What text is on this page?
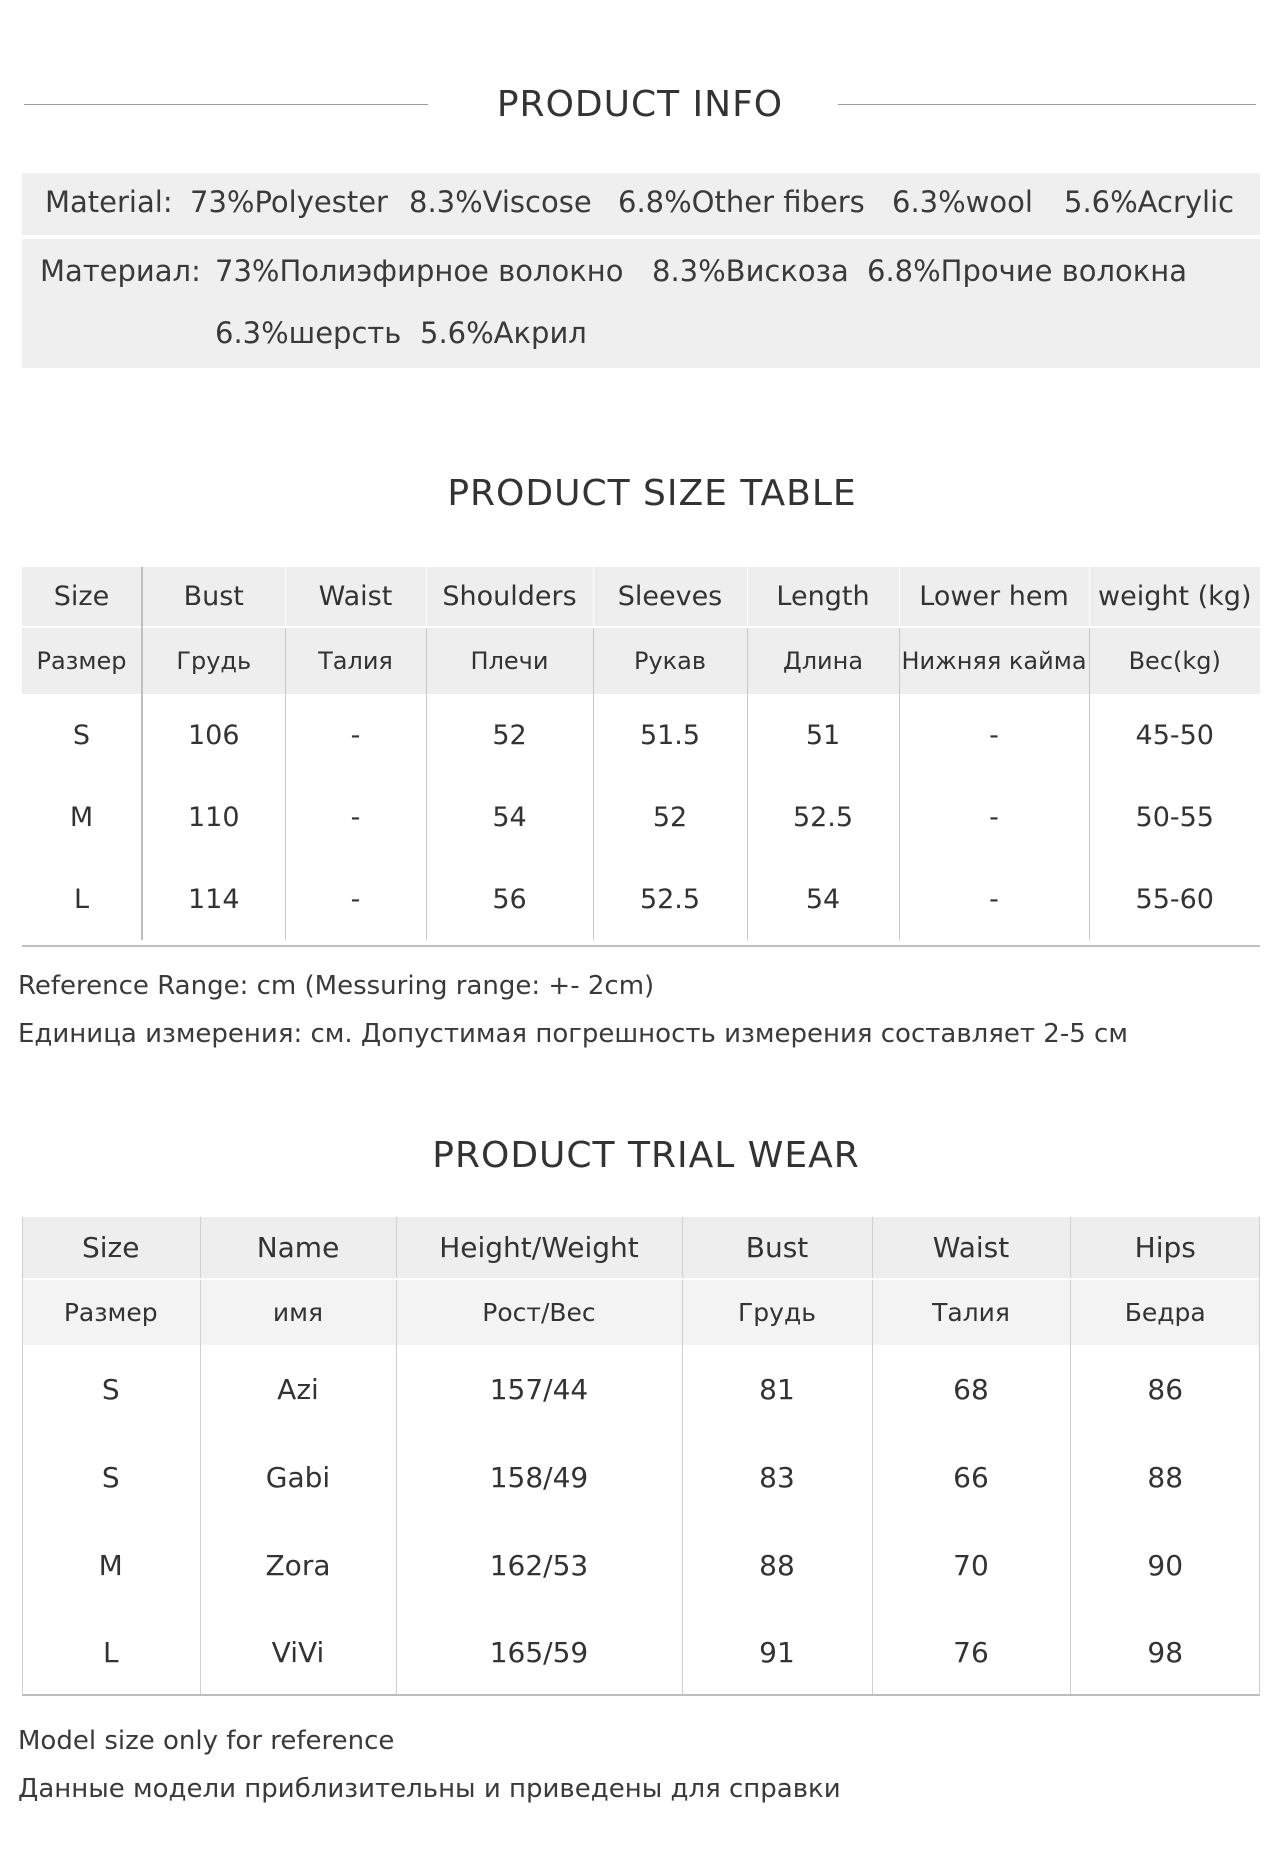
PRODUCT INFO
Material: 73%Polyester 8.3%Viscose 6.8%Other fibers 6.3%wool 5.6%Acrylic
Материал: 73%Полиэфирное волокно 8.3%Вискоза 6.8%Прочие волокна
6.3%шерсть 5.6%Акрил
PRODUCT SIZE TABLE
Size	Bust	Waist	Shoulders	Sleeves	Length	Lower hem	weight (kg)
Размер	Грудь	Талия	Плечи	Рукав	Длина	Нижняя кайма	Вес(kg)
S	106	-	52	51.5	51	-	45-50
M	110	-	54	52	52.5	-	50-55
L	114	-	56	52.5	54	-	55-60
Reference Range: cm (Messuring range: +- 2cm)
Единица измерения: см. Допустимая погрешность измерения составляет 2-5 см
PRODUCT TRIAL WEAR
Size	Name	Height/Weight	Bust	Waist	Hips
Размер	имя	Рост/Вес	Грудь	Талия	Бедра
S	Azi	157/44	81	68	86
S	Gabi	158/49	83	66	88
M	Zora	162/53	88	70	90
L	ViVi	165/59	91	76	98
Model size only for reference
Данные модели приблизительны и приведены для справки
